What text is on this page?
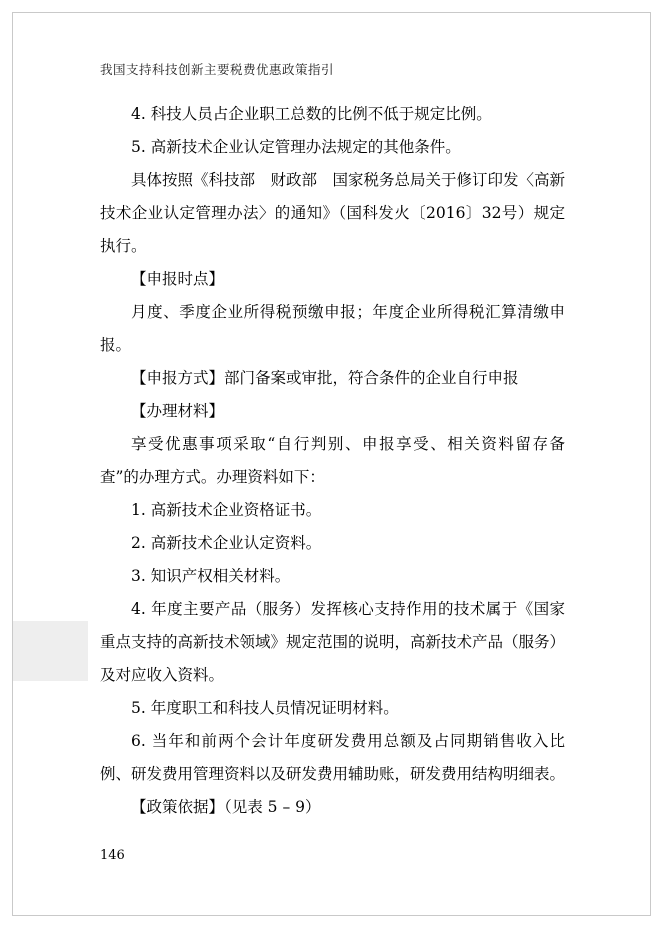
我国支持科技创新主要税费优惠政策指引

4. 科技人员占企业职工总数的比例不低于规定比例。

5. 高新技术企业认定管理办法规定的其他条件。

具体按照《科技部　财政部　国家税务总局关于修订印发〈高新技术企业认定管理办法〉的通知》（国科发火〔2016〕32号）规定执行。

【申报时点】

月度、季度企业所得税预缴申报；年度企业所得税汇算清缴申报。

【申报方式】部门备案或审批，符合条件的企业自行申报

【办理材料】

享受优惠事项采取“自行判别、申报享受、相关资料留存备查”的办理方式。办理资料如下：

1. 高新技术企业资格证书。

2. 高新技术企业认定资料。

3. 知识产权相关材料。

4. 年度主要产品（服务）发挥核心支持作用的技术属于《国家重点支持的高新技术领域》规定范围的说明，高新技术产品（服务）及对应收入资料。

5. 年度职工和科技人员情况证明材料。

6. 当年和前两个会计年度研发费用总额及占同期销售收入比例、研发费用管理资料以及研发费用辅助账，研发费用结构明细表。

【政策依据】（见表 5 – 9）

146
